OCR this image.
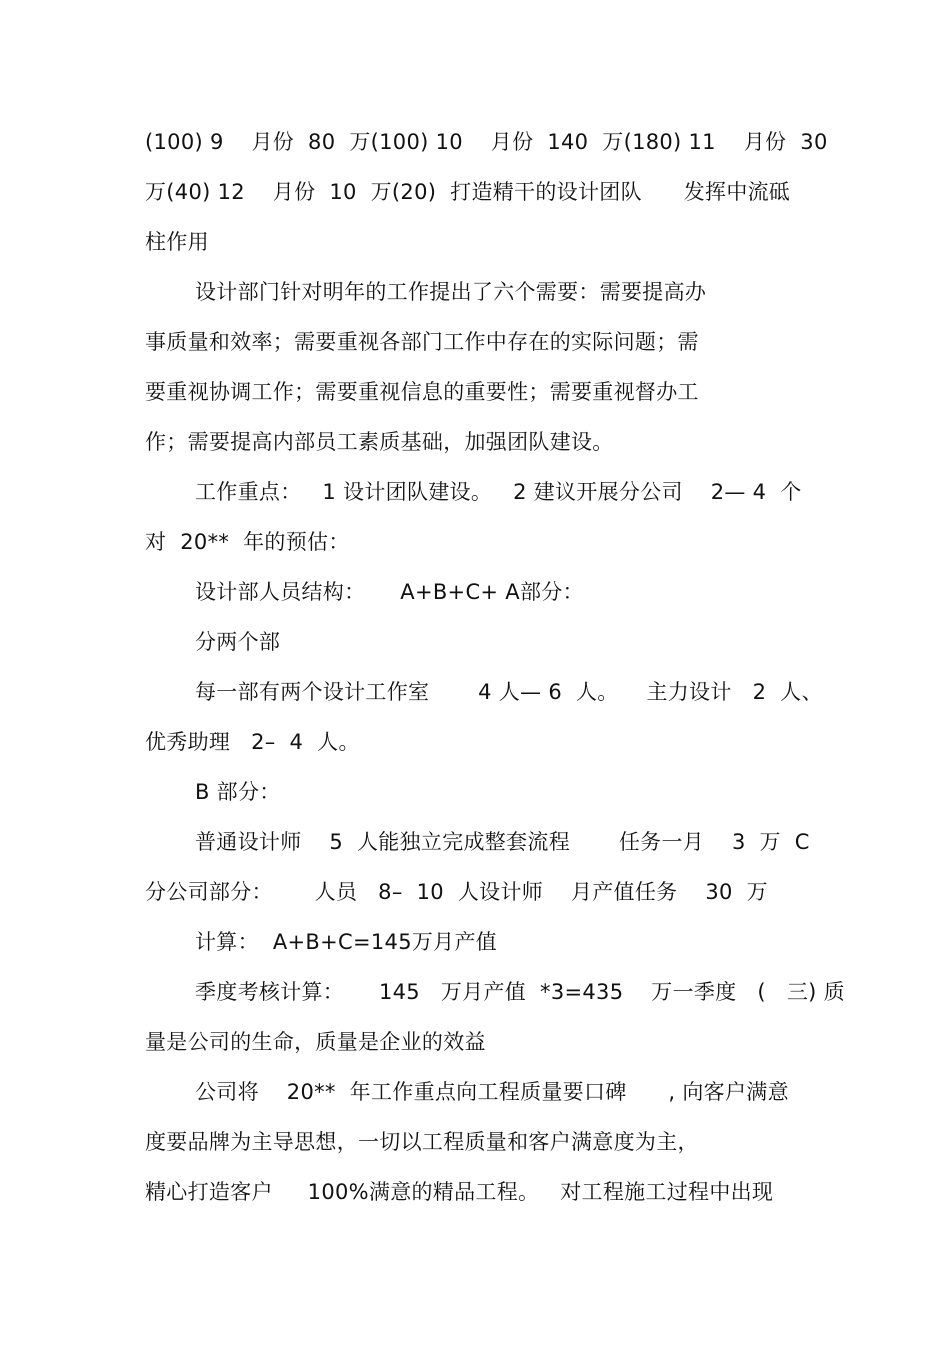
(100) 9    月份  80  万(100) 10    月份  140  万(180) 11    月份  30
万(40) 12    月份  10  万(20)  打造精干的设计团队      发挥中流砥
柱作用
设计部门针对明年的工作提出了六个需要：需要提高办
事质量和效率；需要重视各部门工作中存在的实际问题；需
要重视协调工作；需要重视信息的重要性；需要重视督办工
作；需要提高内部员工素质基础，加强团队建设。
工作重点：   1 设计团队建设。   2 建议开展分公司    2— 4  个
对  20**  年的预估：
设计部人员结构：     A+B+C+ A部分：
分两个部
每一部有两个设计工作室       4 人— 6  人。    主力设计   2  人、
优秀助理   2–  4  人。
B 部分：
普通设计师    5  人能独立完成整套流程       任务一月    3  万  C
分公司部分：      人员   8–  10  人设计师    月产值任务    30  万
计算：  A+B+C=145万月产值
季度考核计算：     145   万月产值  *3=435    万一季度   (   三) 质
量是公司的生命，质量是企业的效益
公司将    20**  年工作重点向工程质量要口碑      , 向客户满意
度要品牌为主导思想，一切以工程质量和客户满意度为主，
精心打造客户     100%满意的精品工程。   对工程施工过程中出现
